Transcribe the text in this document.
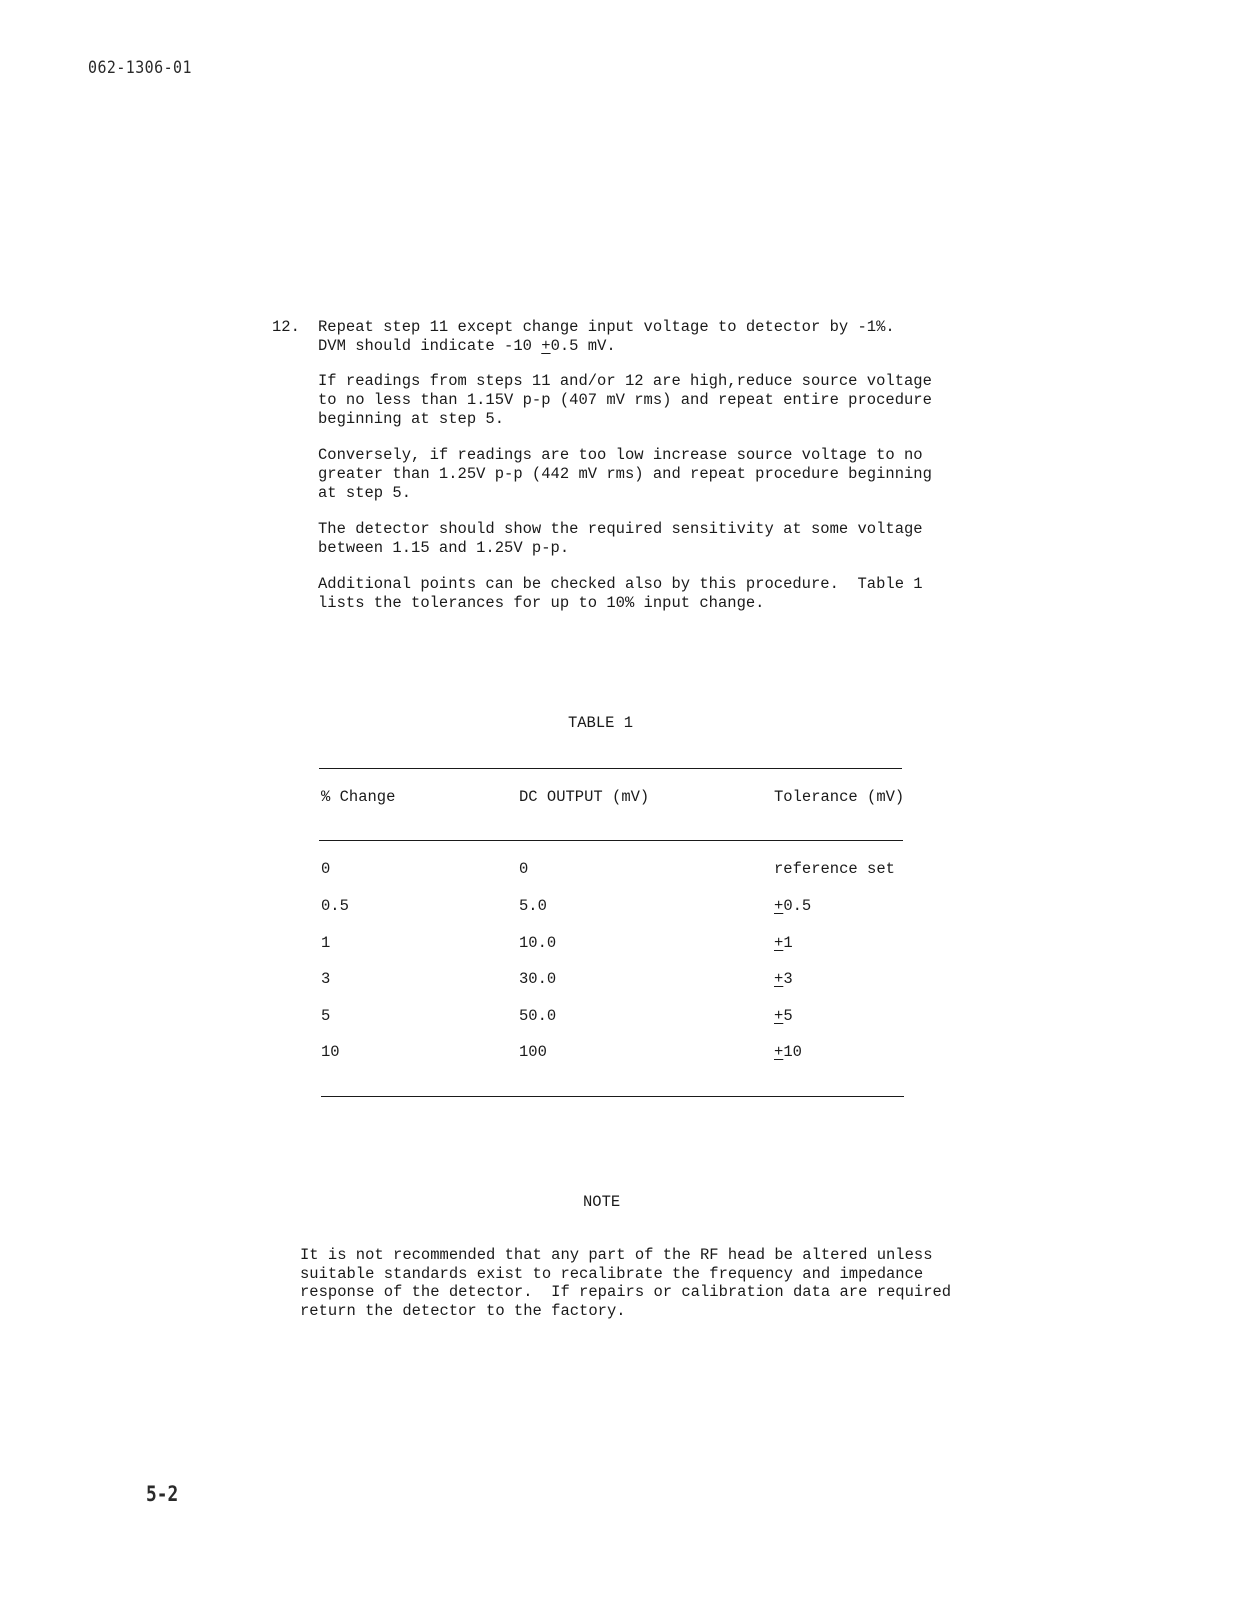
062-1306-01
12. Repeat step 11 except change input voltage to detector by -1%.
DVM should indicate -10 +0.5 mV.
If readings from steps 11 and/or 12 are high,reduce source voltage
to no less than 1.15V p-p (407 mV rms) and repeat entire procedure
beginning at step 5.
Conversely, if readings are too low increase source voltage to no
greater than 1.25V p-p (442 mV rms) and repeat procedure beginning
at step 5.
The detector should show the required sensitivity at some voltage
between 1.15 and 1.25V p-p.
Additional points can be checked also by this procedure.  Table 1
lists the tolerances for up to 10% input change.
TABLE 1
% Change	DC OUTPUT (mV)	Tolerance (mV)
0	0	reference set
0.5	5.0	+0.5
1	10.0	+1
3	30.0	+3
5	50.0	+5
10	100	+10
NOTE
It is not recommended that any part of the RF head be altered unless
suitable standards exist to recalibrate the frequency and impedance
response of the detector.  If repairs or calibration data are required
return the detector to the factory.
5-2
